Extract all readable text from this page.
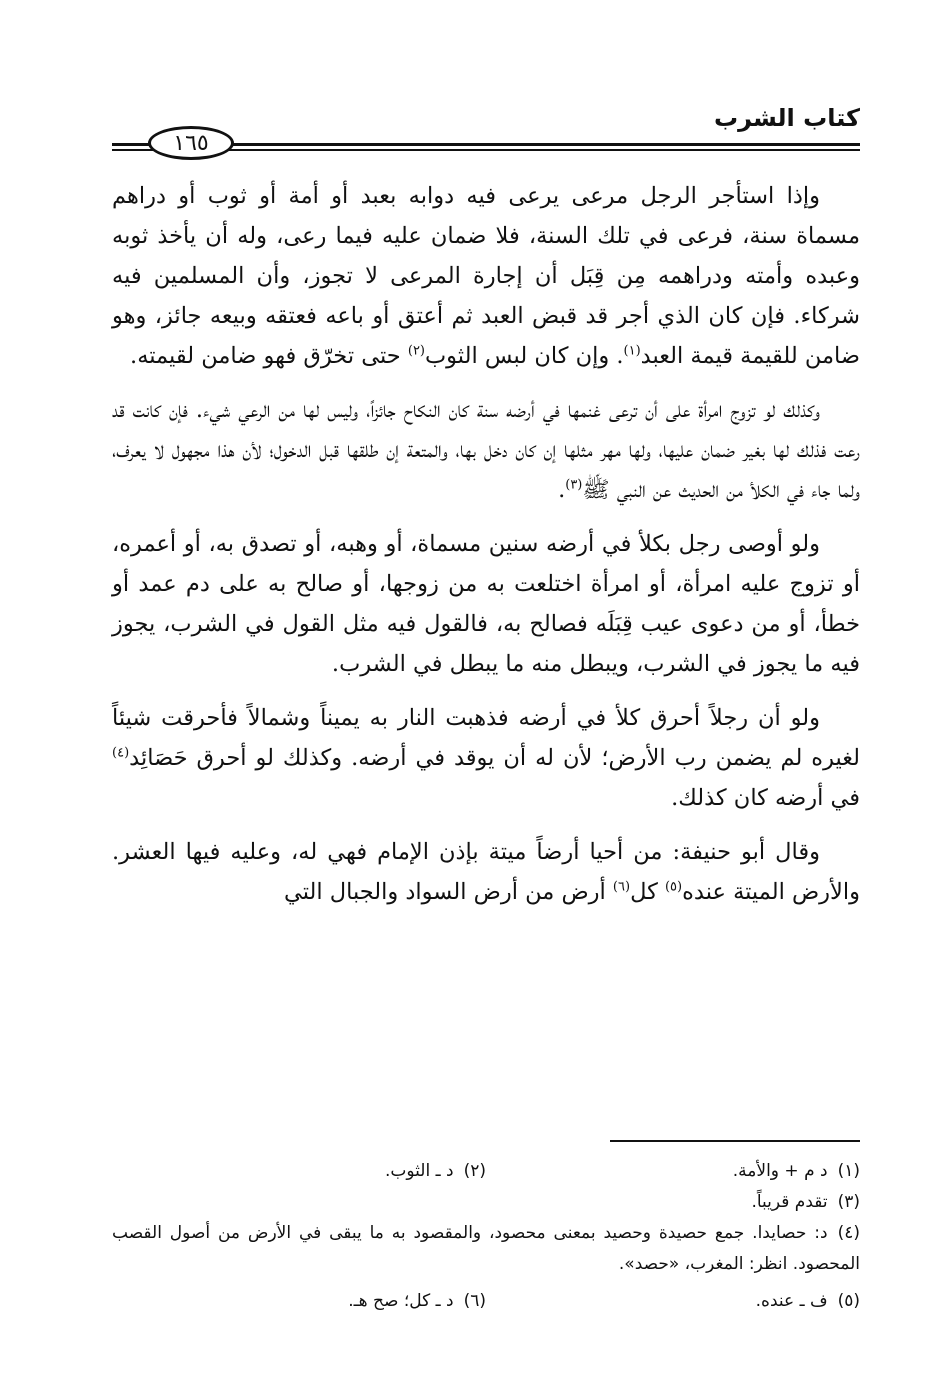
كتاب الشرب
١٦٥

وإذا استأجر الرجل مرعى يرعى فيه دوابه بعبد أو أمة أو ثوب أو دراهم مسماة سنة، فرعى في تلك السنة، فلا ضمان عليه فيما رعى، وله أن يأخذ ثوبه وعبده وأمته ودراهمه مِن قِبَل أن إجارة المرعى لا تجوز، وأن المسلمين فيه شركاء. فإن كان الذي أجر قد قبض العبد ثم أعتق أو باعه فعتقه وبيعه جائز، وهو ضامن للقيمة قيمة العبد$^{(١)}$. وإن كان لبس الثوب$^{(٢)}$ حتى تخرّق فهو ضامن لقيمته.

وكذلك لو تزوج امرأة على أن ترعى غنمها في أرضه سنة كان النكاح جائزاً، وليس لها من الرعي شيء. فإن كانت قد رعت فذلك لها بغير ضمان عليها، ولها مهر مثلها إن كان دخل بها، والمتعة إن طلقها قبل الدخول؛ لأن هذا مجهول لا يعرف، ولما جاء في الكلأ من الحديث عن النبي ﷺ$^{(٣)}$.

ولو أوصى رجل بكلأ في أرضه سنين مسماة، أو وهبه، أو تصدق به، أو أعمره، أو تزوج عليه امرأة، أو امرأة اختلعت به من زوجها، أو صالح به على دم عمد أو خطأ، أو من دعوى عيب قِبَلَه فصالح به، فالقول فيه مثل القول في الشرب، يجوز فيه ما يجوز في الشرب، ويبطل منه ما يبطل في الشرب.

ولو أن رجلاً أحرق كلأ في أرضه فذهبت النار به يميناً وشمالاً فأحرقت شيئاً لغيره لم يضمن رب الأرض؛ لأن له أن يوقد في أرضه. وكذلك لو أحرق حَصَائِد$^{(٤)}$ في أرضه كان كذلك.

وقال أبو حنيفة: من أحيا أرضاً ميتة بإذن الإمام فهي له، وعليه فيها العشر. والأرض الميتة عنده$^{(٥)}$ كل$^{(٦)}$ أرض من أرض السواد والجبال التي

(١)د م + والأمة.
(٢)د ـ الثوب.
(٣)تقدم قريباً.
(٤)د: حصايدا. جمع حصيدة وحصيد بمعنى محصود، والمقصود به ما يبقى في الأرض من أصول القصب المحصود. انظر: المغرب، «حصد».
(٥)ف ـ عنده.
(٦)د ـ كل؛ صح هـ.
